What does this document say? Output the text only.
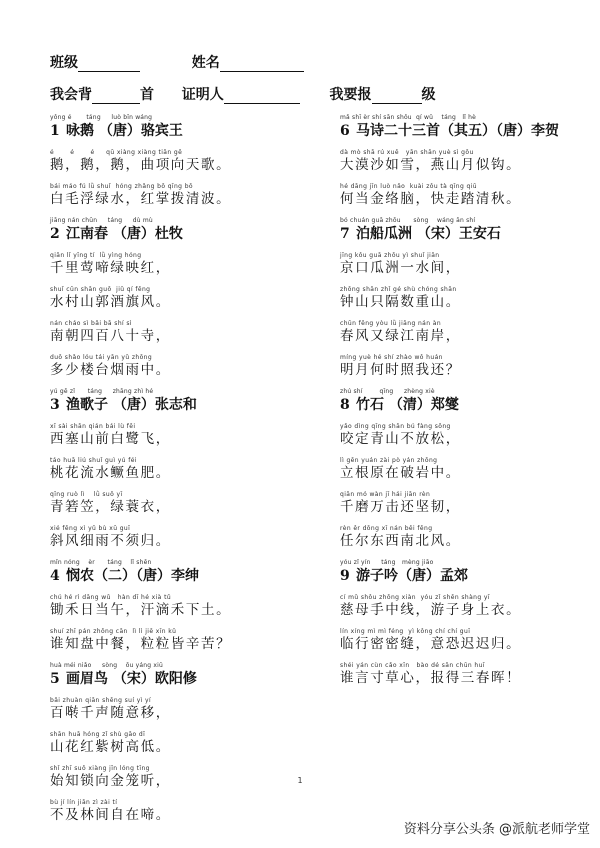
班级	姓名
我会背	首 证明人	我要报	级
yǒng é       táng     luò bīn wáng
1 咏鹅 （唐）骆宾王
é       é       é     qū xiàng xiàng tiān gē
鹅，鹅，鹅，曲项向天歌。
bái máo fú lǜ shuǐ  hóng zhǎng bō qīng bō
白毛浮绿水，红掌拨清波。
jiāng nán chūn     táng     dù mù
2 江南春 （唐）杜牧
qiān lǐ yīng tí  lǜ yìng hóng
千里莺啼绿映红，
shuǐ cūn shān guō  jiǔ qí fēng
水村山郭酒旗风。
nán cháo sì bǎi bā shí sì
南朝四百八十寺，
duō shǎo lóu tái yān yǔ zhōng
多少楼台烟雨中。
yú gē zǐ      táng     zhāng zhì hé
3 渔歌子 （唐）张志和
xī sài shān qián bái lù fēi
西塞山前白鹭飞，
táo huā liú shuǐ guì yú féi
桃花流水鳜鱼肥。
qīng ruò lì    lǜ suō yī
青箬笠，绿蓑衣，
xié fēng xì yǔ bù xū guī
斜风细雨不须归。
mǐn nóng    èr      táng    lǐ shēn
4 悯农（二）（唐）李绅
chú hé rì dāng wǔ   hàn dī hé xià tǔ
锄禾日当午，汗滴禾下土。
shuí zhī pán zhōng cān  lì lì jiē xīn kǔ
谁知盘中餐，粒粒皆辛苦？
huà méi niǎo     sòng    ōu yáng xiū
5 画眉鸟 （宋）欧阳修
bǎi zhuàn qiān shēng suí yì yí
百啭千声随意移，
shān huā hóng zǐ shù gāo dī
山花红紫树高低。
shǐ zhī suǒ xiàng jīn lóng tīng
始知锁向金笼听，
bù jí lín jiān zì zài tí
不及林间自在啼。
mǎ shī èr shí sān shǒu  qí wǔ    táng   lǐ hè
6 马诗二十三首（其五）（唐）李贺
dà mò shā rú xuě   yān shān yuè sì gōu
大漠沙如雪，燕山月似钩。
hé dāng jīn luò nǎo  kuài zǒu tà qīng qiū
何当金络脑，快走踏清秋。
bó chuán guā zhōu      sòng    wáng ān shí
7 泊船瓜洲 （宋）王安石
jīng kǒu guā zhōu yì shuǐ jiān
京口瓜洲一水间，
zhōng shān zhǐ gé shù chóng shān
钟山只隔数重山。
chūn fēng yòu lǜ jiāng nán àn
春风又绿江南岸，
míng yuè hé shí zhào wǒ huán
明月何时照我还？
zhú shí        qīng     zhèng xiè
8 竹石 （清）郑燮
yǎo dìng qīng shān bú fàng sōng
咬定青山不放松，
lì gēn yuán zài pò yán zhōng
立根原在破岩中。
qiān mó wàn jī hái jiān rèn
千磨万击还坚韧，
rèn ěr dōng xī nán běi fēng
任尔东西南北风。
yóu zǐ yín     táng   mèng jiāo
9 游子吟（唐）孟郊
cí mǔ shǒu zhōng xiàn  yóu zǐ shēn shàng yī
慈母手中线，游子身上衣。
lín xíng mì mì féng  yì kǒng chí chí guī
临行密密缝，意恐迟迟归。
shéi yán cùn cǎo xīn   bào dé sān chūn huī
谁言寸草心，报得三春晖！
1
资料分享公头条 @派航老师学堂
